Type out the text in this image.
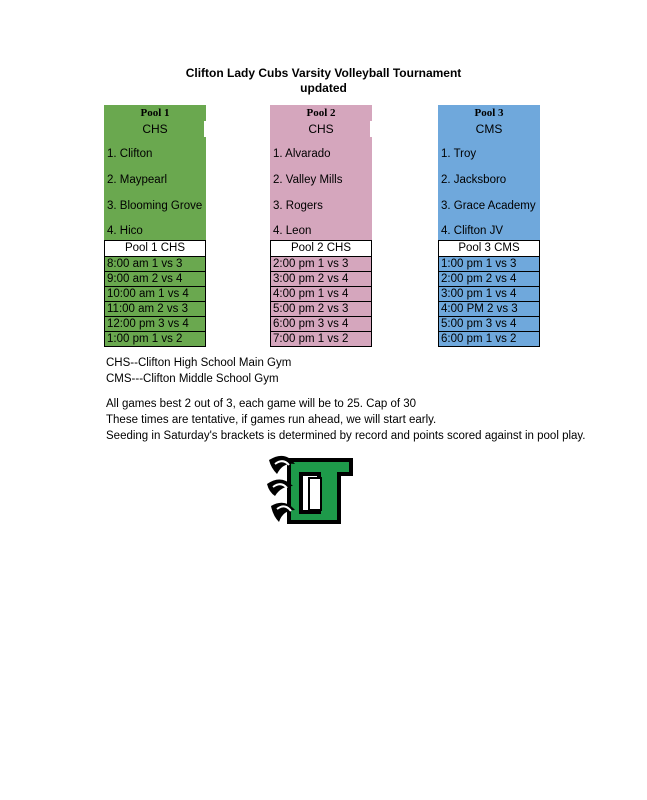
Clifton Lady Cubs Varsity Volleyball Tournament
updated
Pool 1
CHS
1. Clifton
2. Maypearl
3. Blooming Grove
4. Hico
Pool 1 CHS
8:00 am 1 vs 3
9:00 am 2 vs 4
10:00 am 1 vs 4
11:00 am 2 vs 3
12:00 pm 3 vs 4
1:00 pm 1 vs 2
Pool 2
CHS
1. Alvarado
2. Valley Mills
3. Rogers
4. Leon
Pool 2 CHS
2:00 pm 1 vs 3
3:00 pm 2 vs 4
4:00 pm 1 vs 4
5:00 pm 2 vs 3
6:00 pm 3 vs 4
7:00 pm 1 vs 2
Pool 3
CMS
1. Troy
2. Jacksboro
3. Grace Academy
4. Clifton JV
Pool 3 CMS
1:00 pm 1 vs 3
2:00 pm 2 vs 4
3:00 pm 1 vs 4
4:00 PM 2 vs 3
5:00 pm 3 vs 4
6:00 pm 1 vs 2
CHS--Clifton High School Main Gym
CMS---Clifton Middle School Gym
All games best 2 out of 3, each game will be to 25. Cap of 30
These times are tentative, if games run ahead, we will start early.
Seeding in Saturday's brackets is determined by record and points scored against in pool play.
